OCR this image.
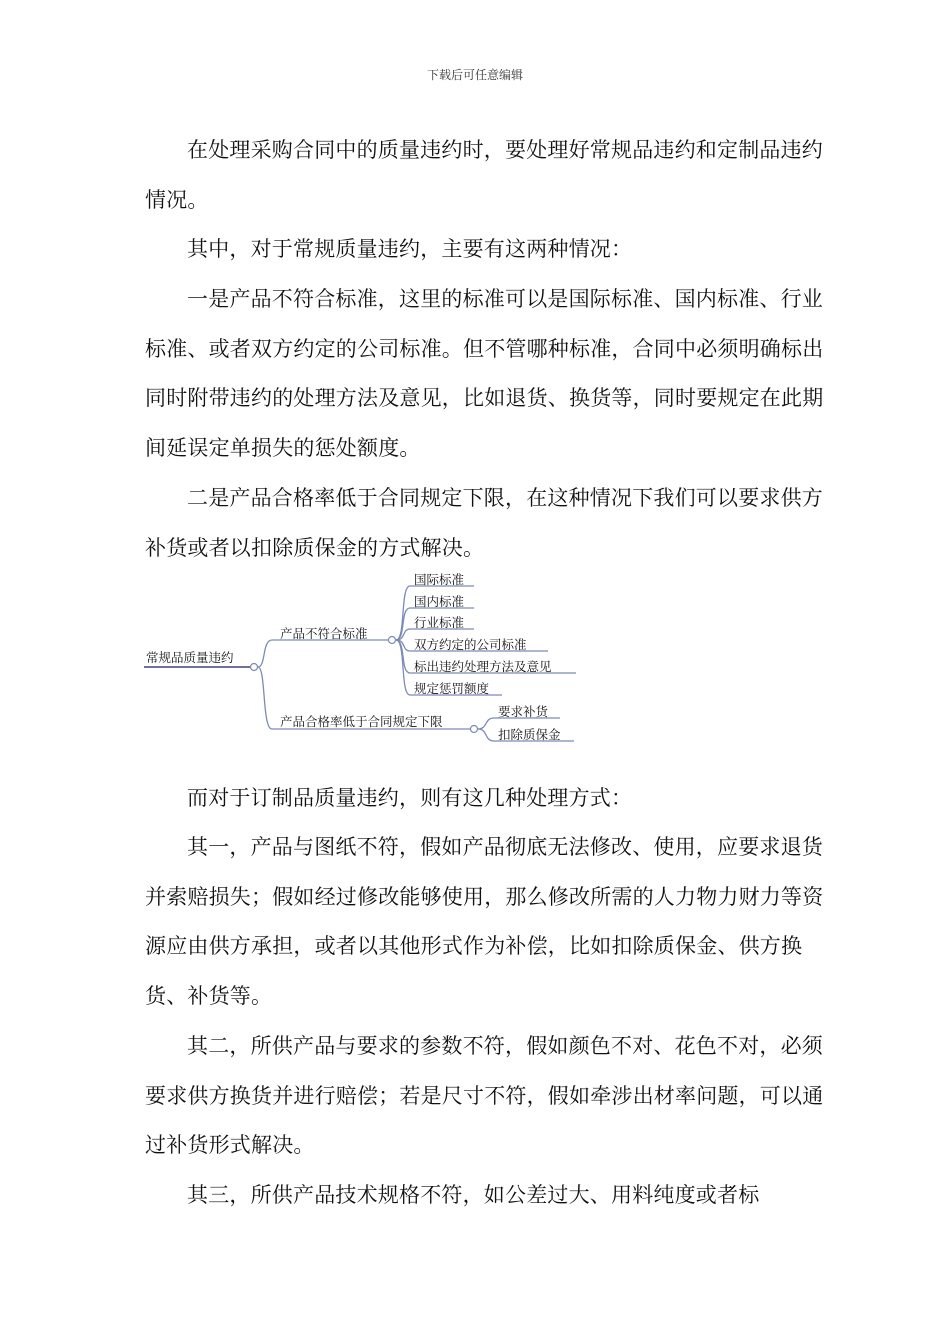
下载后可任意编辑

在处理采购合同中的质量违约时，要处理好常规品违约和定制品违约情况。

其中，对于常规质量违约，主要有这两种情况：

一是产品不符合标准，这里的标准可以是国际标准、国内标准、行业标准、或者双方约定的公司标准。但不管哪种标准，合同中必须明确标出同时附带违约的处理方法及意见，比如退货、换货等，同时要规定在此期间延误定单损失的惩处额度。

二是产品合格率低于合同规定下限，在这种情况下我们可以要求供方补货或者以扣除质保金的方式解决。

常规品质量违约
产品不符合标准
国际标准
国内标准
行业标准
双方约定的公司标准
标出违约处理方法及意见
规定惩罚额度
产品合格率低于合同规定下限
要求补货
扣除质保金

而对于订制品质量违约，则有这几种处理方式：

其一，产品与图纸不符，假如产品彻底无法修改、使用，应要求退货并索赔损失；假如经过修改能够使用，那么修改所需的人力物力财力等资源应由供方承担，或者以其他形式作为补偿，比如扣除质保金、供方换货、补货等。

其二，所供产品与要求的参数不符，假如颜色不对、花色不对，必须要求供方换货并进行赔偿；若是尺寸不符，假如牵涉出材率问题，可以通过补货形式解决。

其三，所供产品技术规格不符，如公差过大、用料纯度或者标
